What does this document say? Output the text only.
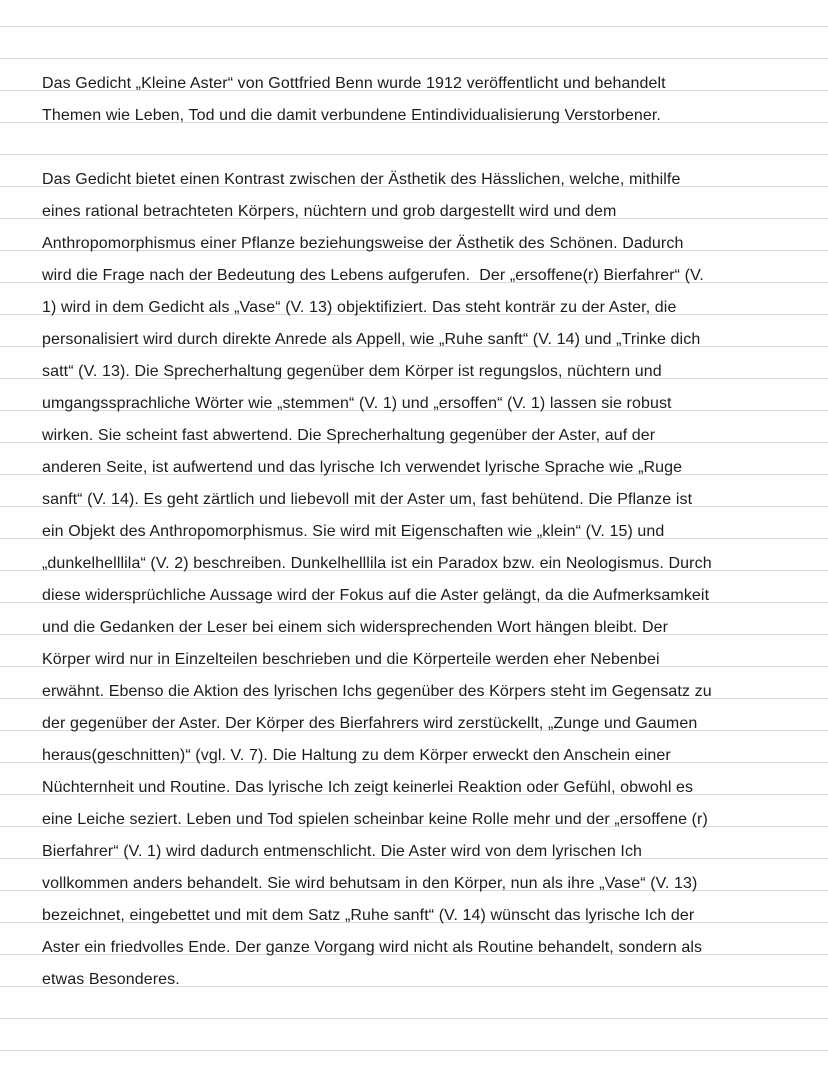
Das Gedicht „Kleine Aster“ von Gottfried Benn wurde 1912 veröffentlicht und behandelt
Themen wie Leben, Tod und die damit verbundene Entindividualisierung Verstorbener.
Das Gedicht bietet einen Kontrast zwischen der Ästhetik des Hässlichen, welche, mithilfe
eines rational betrachteten Körpers, nüchtern und grob dargestellt wird und dem
Anthropomorphismus einer Pflanze beziehungsweise der Ästhetik des Schönen. Dadurch
wird die Frage nach der Bedeutung des Lebens aufgerufen.  Der „ersoffene(r) Bierfahrer“ (V.
1) wird in dem Gedicht als „Vase“ (V. 13) objektifiziert. Das steht konträr zu der Aster, die
personalisiert wird durch direkte Anrede als Appell, wie „Ruhe sanft“ (V. 14) und „Trinke dich
satt“ (V. 13). Die Sprecherhaltung gegenüber dem Körper ist regungslos, nüchtern und
umgangssprachliche Wörter wie „stemmen“ (V. 1) und „ersoffen“ (V. 1) lassen sie robust
wirken. Sie scheint fast abwertend. Die Sprecherhaltung gegenüber der Aster, auf der
anderen Seite, ist aufwertend und das lyrische Ich verwendet lyrische Sprache wie „Ruge
sanft“ (V. 14). Es geht zärtlich und liebevoll mit der Aster um, fast behütend. Die Pflanze ist
ein Objekt des Anthropomorphismus. Sie wird mit Eigenschaften wie „klein“ (V. 15) und
„dunkelhelllila“ (V. 2) beschreiben. Dunkelhelllila ist ein Paradox bzw. ein Neologismus. Durch
diese widersprüchliche Aussage wird der Fokus auf die Aster gelängt, da die Aufmerksamkeit
und die Gedanken der Leser bei einem sich widersprechenden Wort hängen bleibt. Der
Körper wird nur in Einzelteilen beschrieben und die Körperteile werden eher Nebenbei
erwähnt. Ebenso die Aktion des lyrischen Ichs gegenüber des Körpers steht im Gegensatz zu
der gegenüber der Aster. Der Körper des Bierfahrers wird zerstückellt, „Zunge und Gaumen
heraus(geschnitten)“ (vgl. V. 7). Die Haltung zu dem Körper erweckt den Anschein einer
Nüchternheit und Routine. Das lyrische Ich zeigt keinerlei Reaktion oder Gefühl, obwohl es
eine Leiche seziert. Leben und Tod spielen scheinbar keine Rolle mehr und der „ersoffene (r)
Bierfahrer“ (V. 1) wird dadurch entmenschlicht. Die Aster wird von dem lyrischen Ich
vollkommen anders behandelt. Sie wird behutsam in den Körper, nun als ihre „Vase“ (V. 13)
bezeichnet, eingebettet und mit dem Satz „Ruhe sanft“ (V. 14) wünscht das lyrische Ich der
Aster ein friedvolles Ende. Der ganze Vorgang wird nicht als Routine behandelt, sondern als
etwas Besonderes.
